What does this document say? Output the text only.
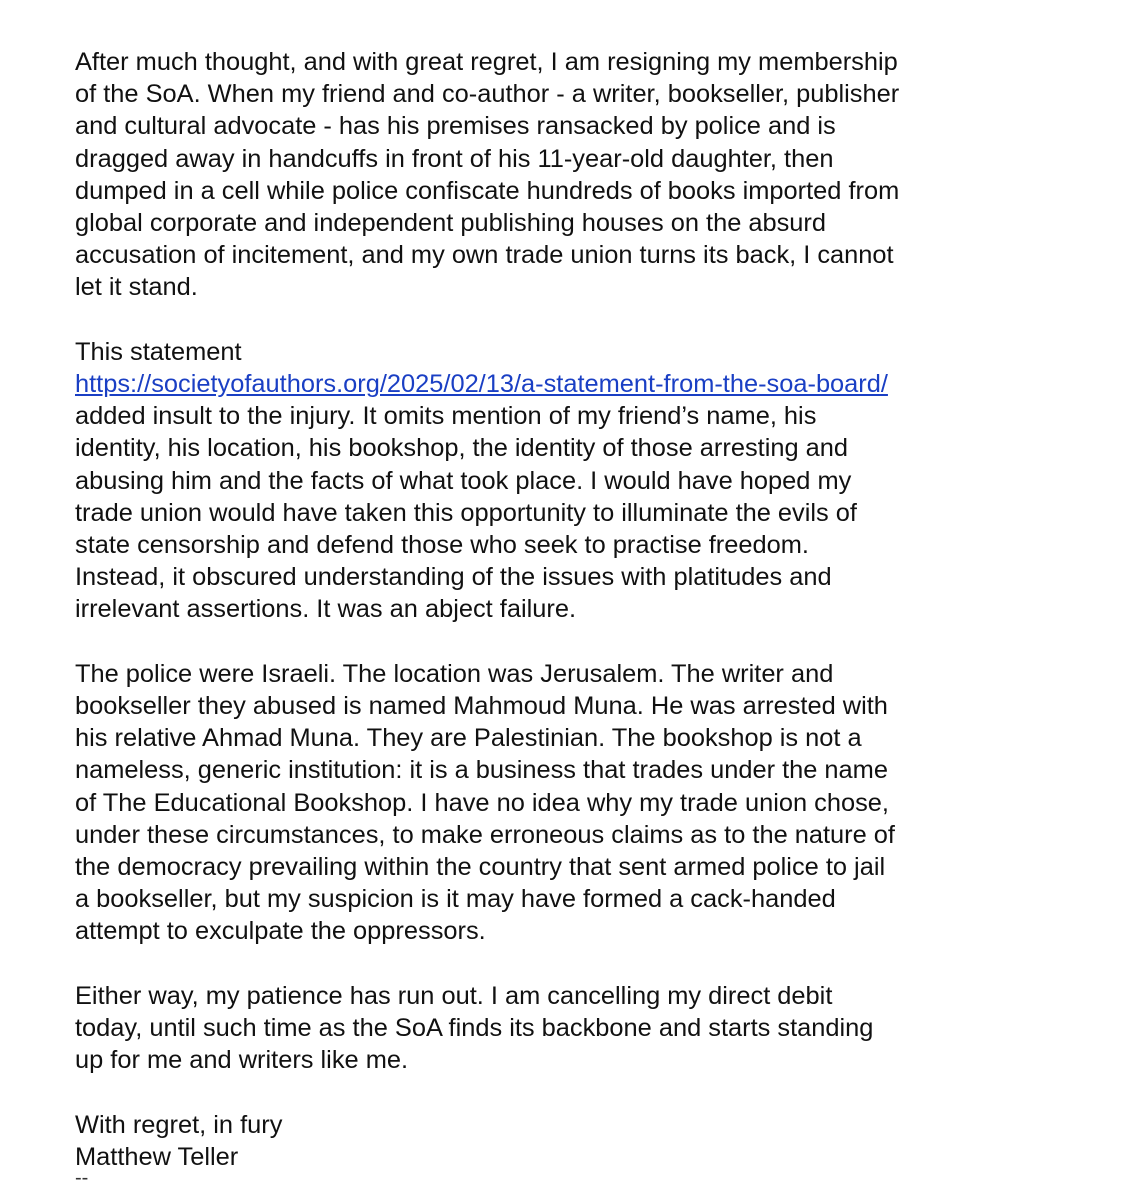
After much thought, and with great regret, I am resigning my membership
of the SoA. When my friend and co-author - a writer, bookseller, publisher
and cultural advocate - has his premises ransacked by police and is
dragged away in handcuffs in front of his 11-year-old daughter, then
dumped in a cell while police confiscate hundreds of books imported from
global corporate and independent publishing houses on the absurd
accusation of incitement, and my own trade union turns its back, I cannot
let it stand.
This statement
https://societyofauthors.org/2025/02/13/a-statement-from-the-soa-board/
added insult to the injury. It omits mention of my friend’s name, his
identity, his location, his bookshop, the identity of those arresting and
abusing him and the facts of what took place. I would have hoped my
trade union would have taken this opportunity to illuminate the evils of
state censorship and defend those who seek to practise freedom.
Instead, it obscured understanding of the issues with platitudes and
irrelevant assertions. It was an abject failure.
The police were Israeli. The location was Jerusalem. The writer and
bookseller they abused is named Mahmoud Muna. He was arrested with
his relative Ahmad Muna. They are Palestinian. The bookshop is not a
nameless, generic institution: it is a business that trades under the name
of The Educational Bookshop. I have no idea why my trade union chose,
under these circumstances, to make erroneous claims as to the nature of
the democracy prevailing within the country that sent armed police to jail
a bookseller, but my suspicion is it may have formed a cack-handed
attempt to exculpate the oppressors.
Either way, my patience has run out. I am cancelling my direct debit
today, until such time as the SoA finds its backbone and starts standing
up for me and writers like me.
With regret, in fury
Matthew Teller
--
